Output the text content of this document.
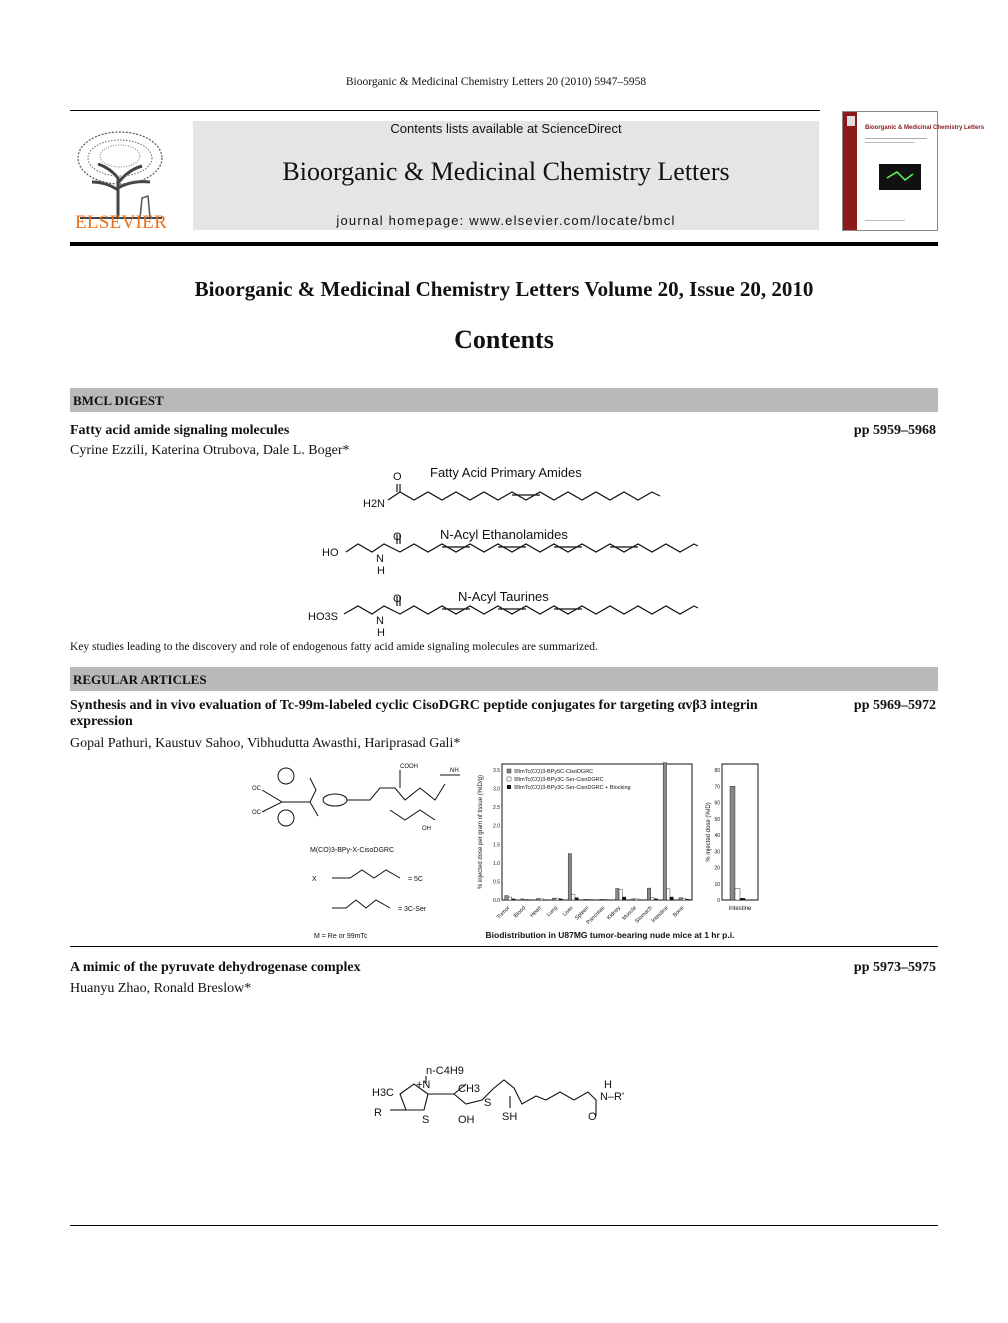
Bioorganic & Medicinal Chemistry Letters 20 (2010) 5947–5958
ELSEVIER
Contents lists available at ScienceDirect
Bioorganic & Medicinal Chemistry Letters
journal homepage: www.elsevier.com/locate/bmcl
Bioorganic & Medicinal Chemistry Letters
Bioorganic & Medicinal Chemistry Letters Volume 20, Issue 20, 2010
Contents
BMCL DIGEST
Fatty acid amide signaling molecules	pp 5959–5968
Cyrine Ezzili, Katerina Otrubova, Dale L. Boger*
Fatty Acid Primary Amides
N-Acyl Ethanolamides
N-Acyl Taurines
H2N
O
HO
O
N
H
HO3S
O
N
H
Key studies leading to the discovery and role of endogenous fatty acid amide signaling molecules are summarized.
REGULAR ARTICLES
Synthesis and in vivo evaluation of Tc-99m-labeled cyclic CisoDGRC peptide conjugates for targeting αvβ3 integrin
expression
pp 5969–5972
Gopal Pathuri, Kaustuv Sahoo, Vibhudutta Awasthi, Hariprasad Gali*
OC
OC
COOH
NH
OH
M(CO)3-BPy-X-CisoDGRC
X	= 5C
= 3C-Ser
M = Re or 99mTc
% injected dose per gram of tissue (%ID/g)	% injected dose (%ID)
0.0
0.5
1.0
1.5
2.0
2.5
3.0
3.5
0
10
20
30
40
50
60
70
80
Tumor Blood Heart Lung Liver Spleen
Pancreas Kidney Muscle
Stomach
Intestine Bone	Intestine
99mTc(CO)3-BPy5C-CisoDGRC
99mTc(CO)3-BPy3C-Ser-CisoDGRC
99mTc(CO)3-BPy3C-Ser-CisoDGRC + Blocking
Biodistribution in U87MG tumor-bearing nude mice at 1 hr p.i.
A mimic of the pyruvate dehydrogenase complex	pp 5973–5975
Huanyu Zhao, Ronald Breslow*
n-C4H9
H3C
+N	CH3
R
S	OH
S
SH	O
N–R'
H
